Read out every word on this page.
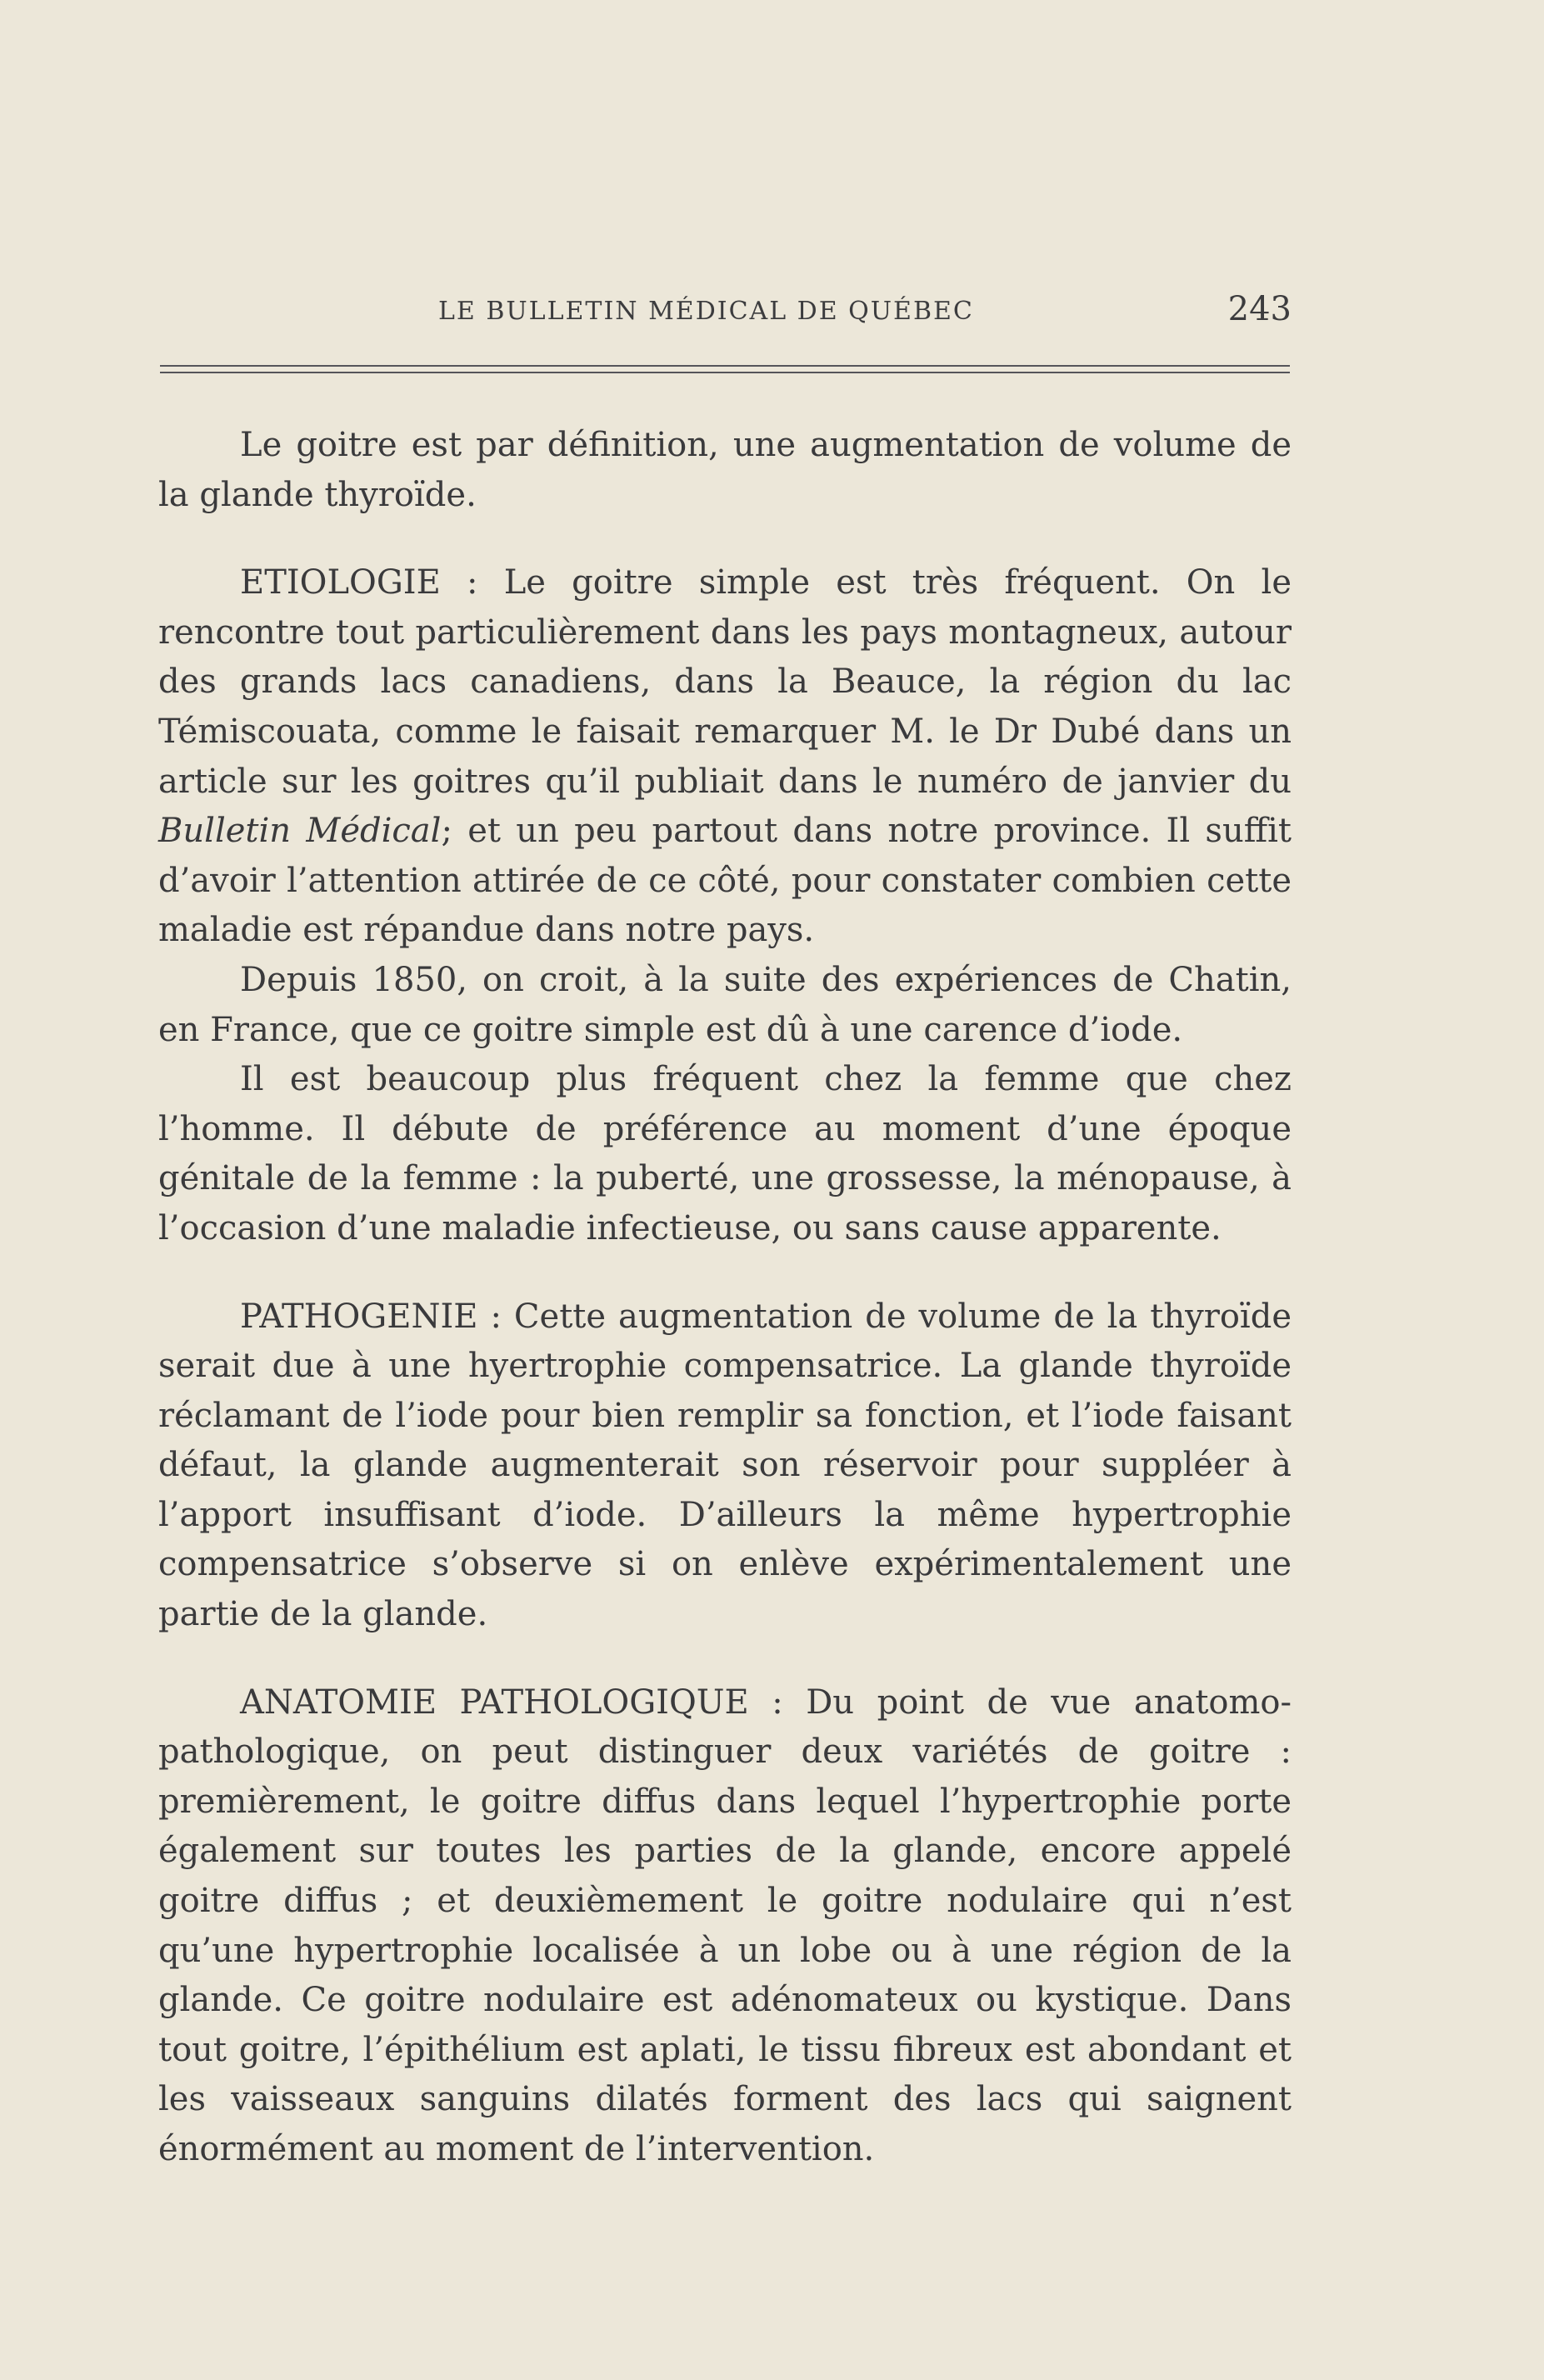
LE BULLETIN MÉDICAL DE QUÉBEC	243

Le goitre est par définition, une augmentation de volume de la glande thyroïde.

ETIOLOGIE : Le goitre simple est très fréquent. On le rencontre tout particulièrement dans les pays montagneux, autour des grands lacs canadiens, dans la Beauce, la région du lac Témiscouata, comme le faisait remarquer M. le Dr Dubé dans un article sur les goitres qu’il publiait dans le numéro de janvier du Bulletin Médical; et un peu partout dans notre province. Il suffit d’avoir l’attention attirée de ce côté, pour constater combien cette maladie est répandue dans notre pays.

Depuis 1850, on croit, à la suite des expériences de Chatin, en France, que ce goitre simple est dû à une carence d’iode.

Il est beaucoup plus fréquent chez la femme que chez l’homme. Il débute de préférence au moment d’une époque génitale de la femme : la puberté, une grossesse, la ménopause, à l’occasion d’une maladie infectieuse, ou sans cause apparente.

PATHOGENIE : Cette augmentation de volume de la thyroïde serait due à une hyertrophie compensatrice. La glande thyroïde réclamant de l’iode pour bien remplir sa fonction, et l’iode faisant défaut, la glande augmenterait son réservoir pour suppléer à l’apport insuffisant d’iode. D’ailleurs la même hypertrophie compensatrice s’observe si on enlève expérimentalement une partie de la glande.

ANATOMIE PATHOLOGIQUE : Du point de vue anatomo-pathologique, on peut distinguer deux variétés de goitre : premièrement, le goitre diffus dans lequel l’hypertrophie porte également sur toutes les parties de la glande, encore appelé goitre diffus ; et deuxièmement le goitre nodulaire qui n’est qu’une hypertrophie localisée à un lobe ou à une région de la glande. Ce goitre nodulaire est adénomateux ou kystique. Dans tout goitre, l’épithélium est aplati, le tissu fibreux est abondant et les vaisseaux sanguins dilatés forment des lacs qui saignent énormément au moment de l’intervention.
